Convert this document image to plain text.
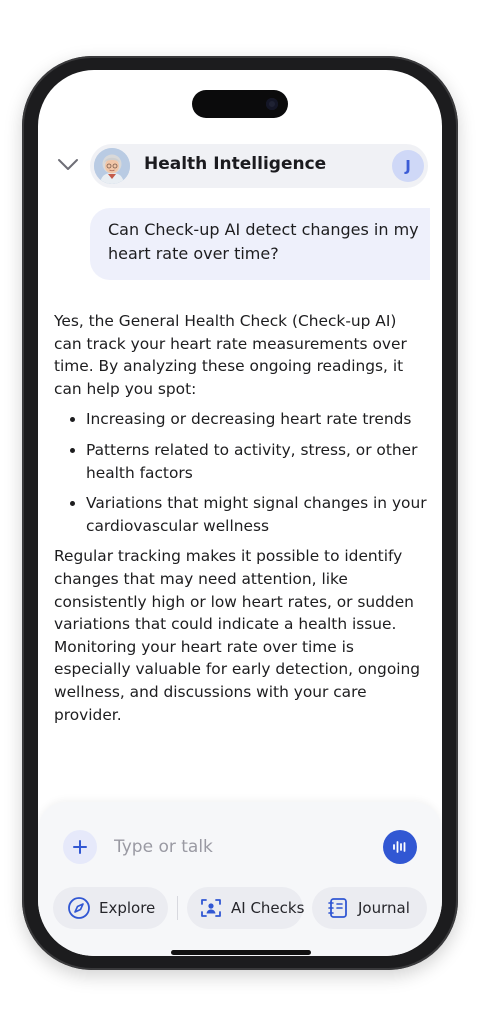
Health Intelligence	J
Can Check-up AI detect changes in my heart rate over time?

Yes, the General Health Check (Check-up AI) can track your heart rate measurements over time. By analyzing these ongoing readings, it can help you spot:

• Increasing or decreasing heart rate trends
• Patterns related to activity, stress, or other health factors
• Variations that might signal changes in your cardiovascular wellness

Regular tracking makes it possible to identify changes that may need attention, like consistently high or low heart rates, or sudden variations that could indicate a health issue. Monitoring your heart rate over time is especially valuable for early detection, ongoing wellness, and discussions with your care provider.

Type or talk
Explore	AI Checks	Journal
